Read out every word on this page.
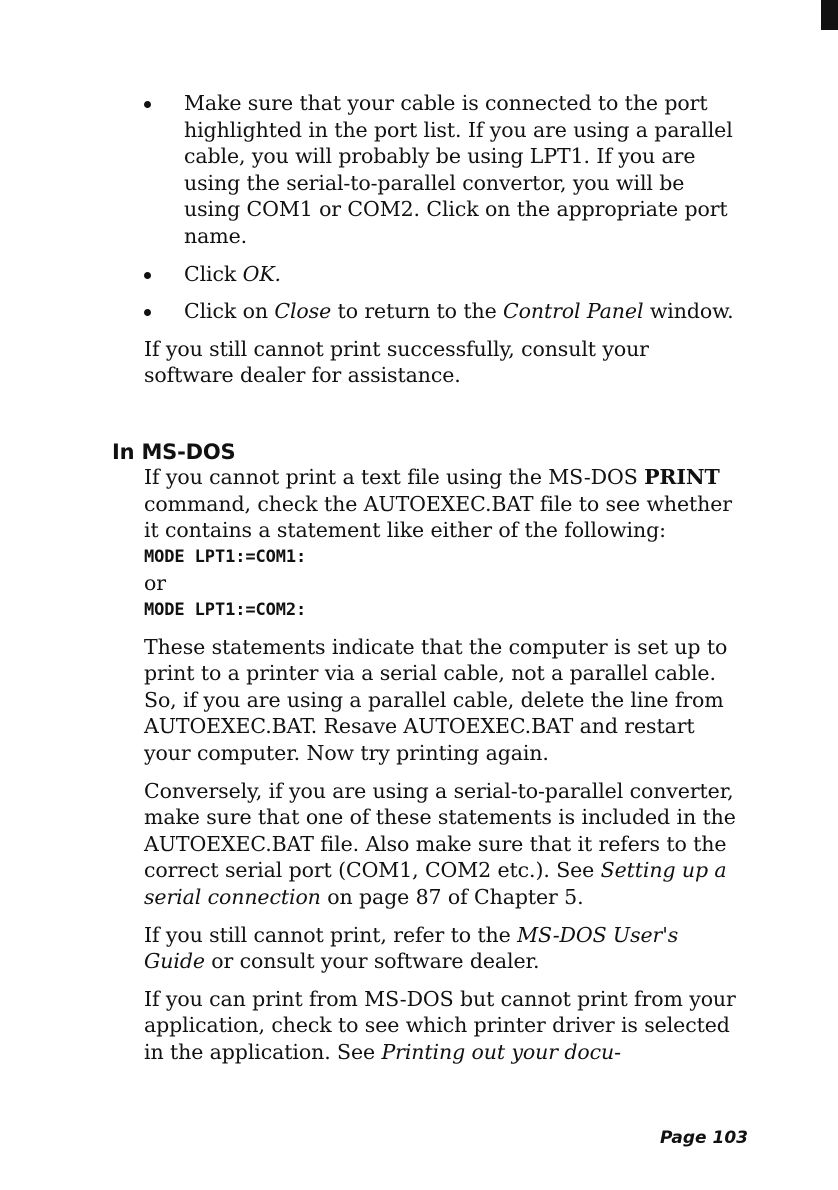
Make sure that your cable is connected to the port highlighted in the port list. If you are using a parallel cable, you will probably be using LPT1. If you are using the serial-to-parallel convertor, you will be using COM1 or COM2. Click on the appropriate port name.
Click OK.
Click on Close to return to the Control Panel window.

If you still cannot print successfully, consult your software dealer for assistance.

In MS-DOS

If you cannot print a text file using the MS-DOS PRINT command, check the AUTOEXEC.BAT file to see whether it contains a statement like either of the following:

MODE LPT1:=COM1:

or

MODE LPT1:=COM2:

These statements indicate that the computer is set up to print to a printer via a serial cable, not a parallel cable. So, if you are using a parallel cable, delete the line from AUTOEXEC.BAT. Resave AUTOEXEC.BAT and restart your computer. Now try printing again.

Conversely, if you are using a serial-to-parallel converter, make sure that one of these statements is included in the AUTOEXEC.BAT file. Also make sure that it refers to the correct serial port (COM1, COM2 etc.). See Setting up a serial connection on page 87 of Chapter 5.

If you still cannot print, refer to the MS-DOS User's Guide or consult your software dealer.

If you can print from MS-DOS but cannot print from your application, check to see which printer driver is selected in the application. See Printing out your docu-

Page 103
